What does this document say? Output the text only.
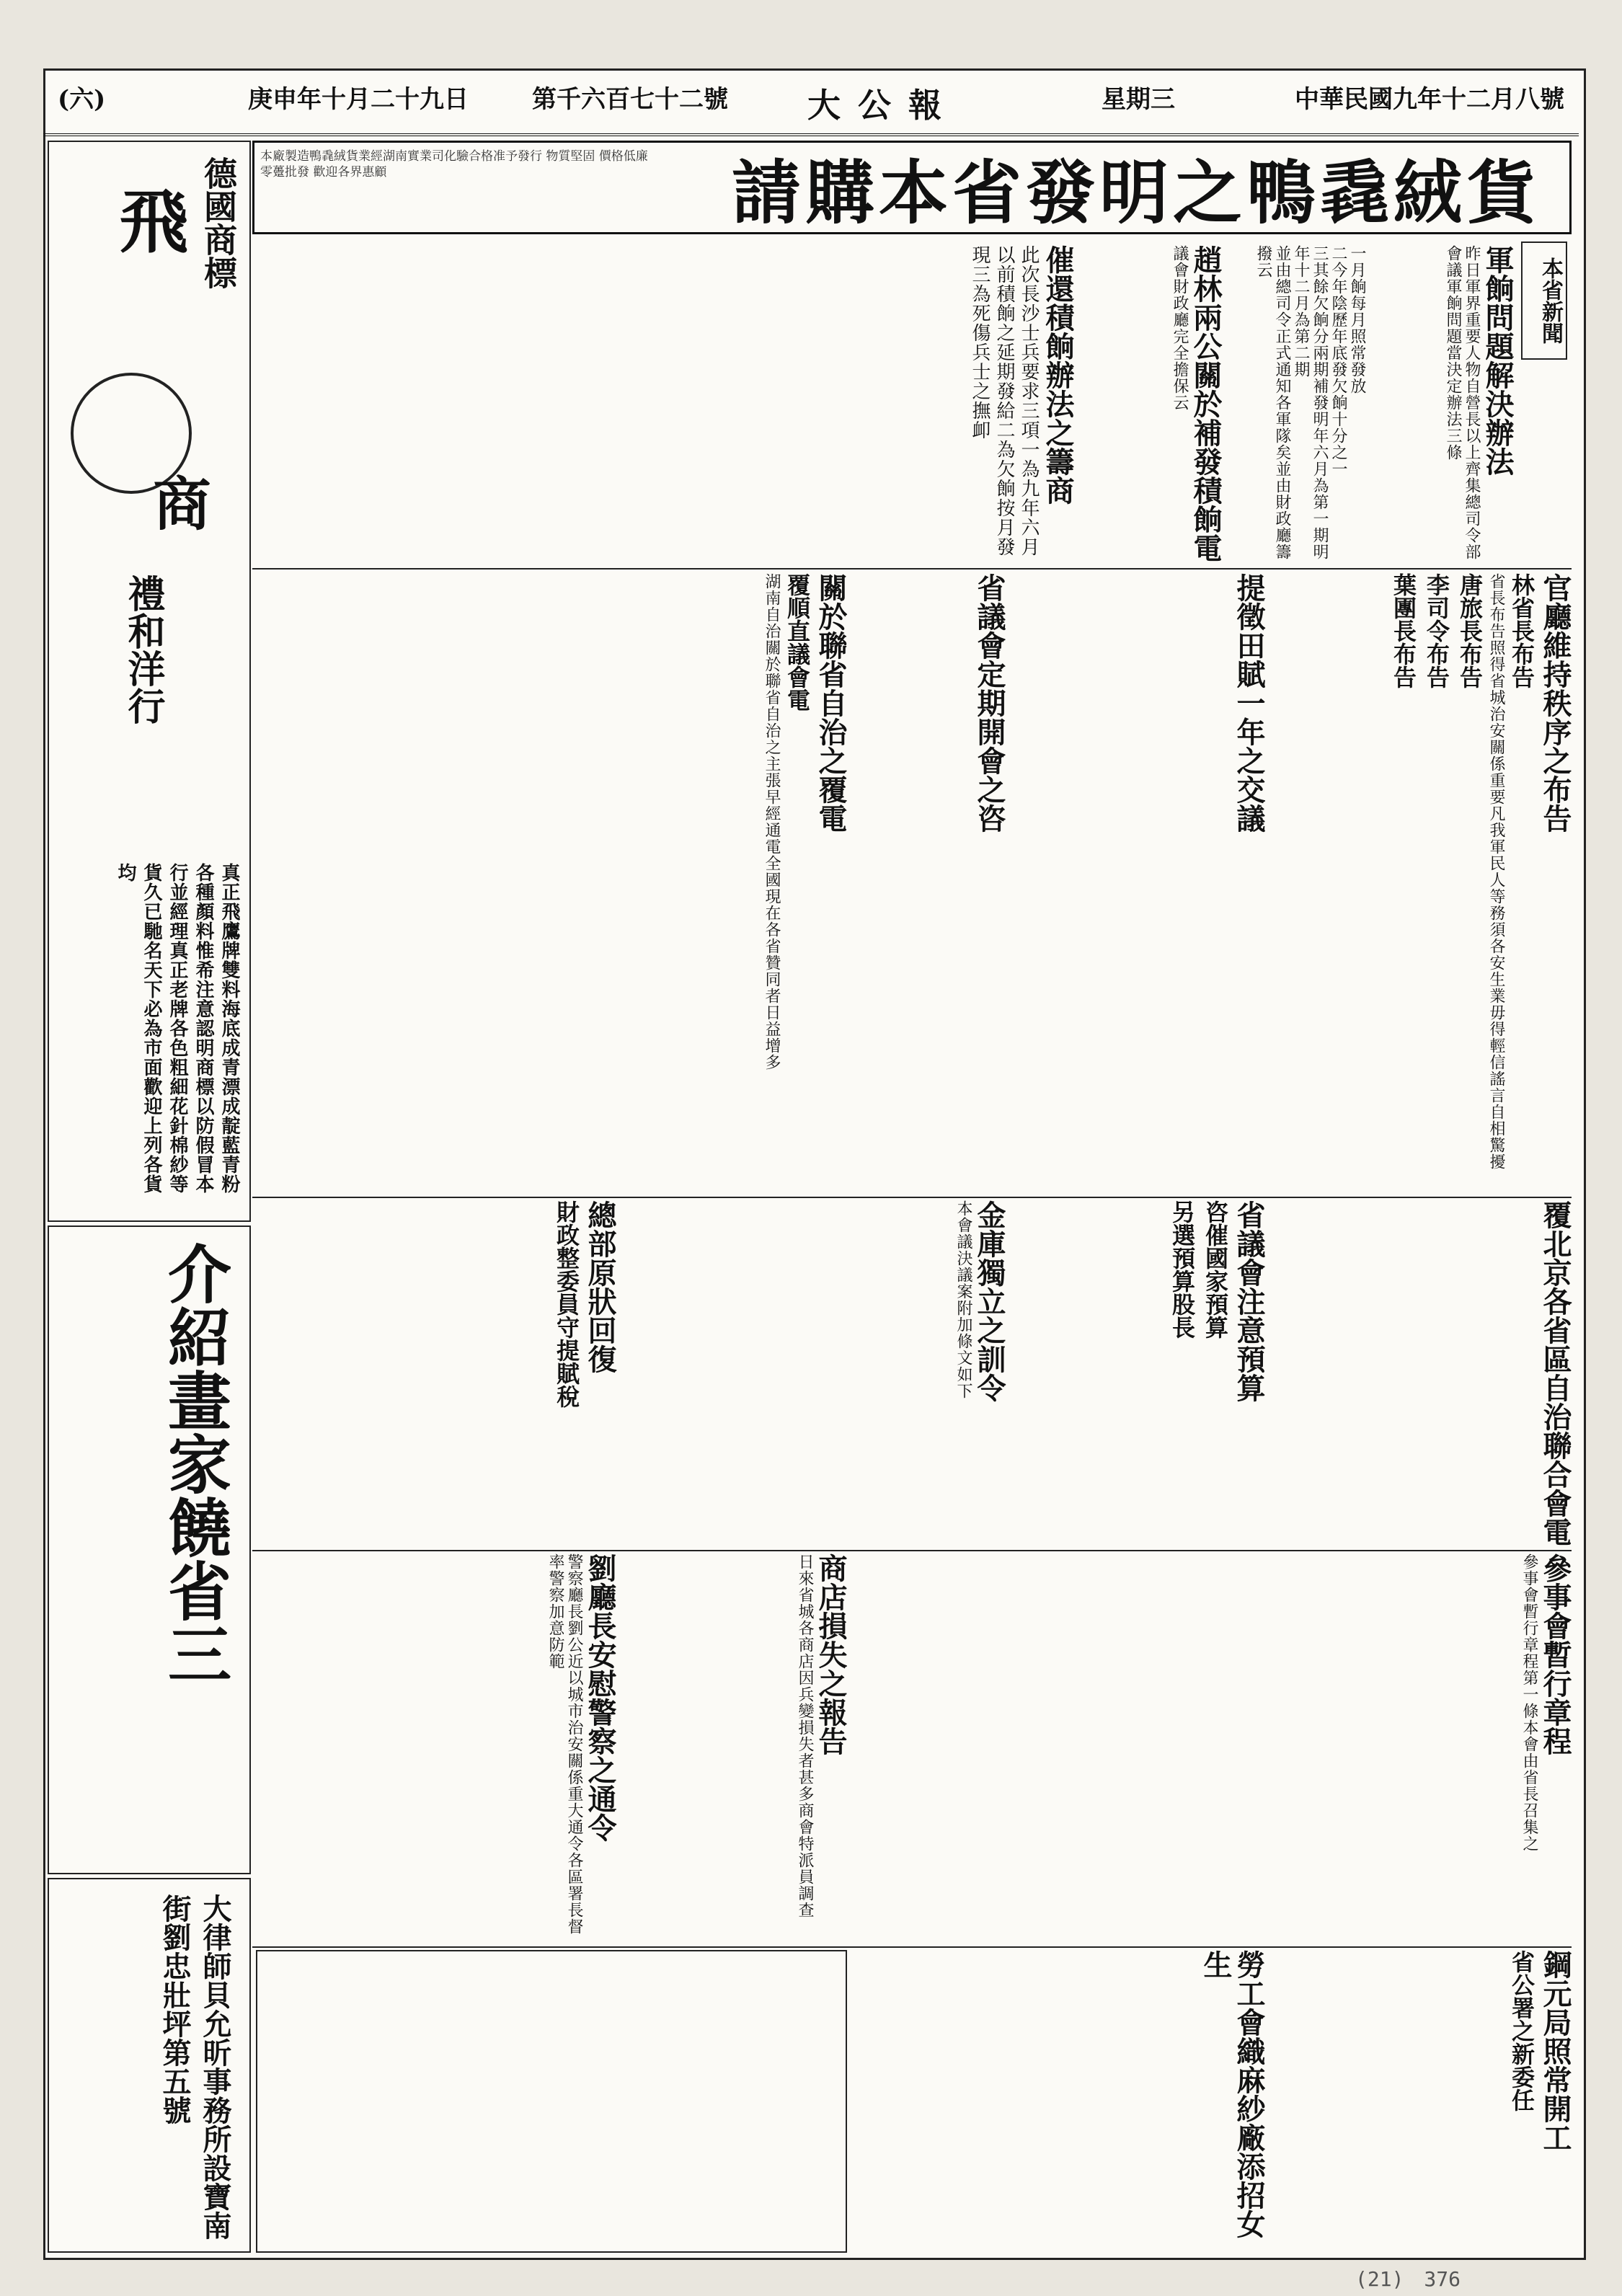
中華民國九年十二月八號
星期三
大公報
第千六百七十二號
庚申年十月二十九日
(六)
本廠製造鴨毳絨貨業經湖南實業司化驗合格准予發行 物質堅固 價格低廉 零躉批發 歡迎各界惠顧	請購本省發明之鴨毳絨貨
德國商標
飛
商
禮和洋行
真正飛鷹牌雙料海底成青漂成靛藍青粉各種顏料惟希注意認明商標以防假冒本行並經理真正老牌各色粗細花針棉紗等貨久已馳名天下必為市面歡迎上列各貨均
介紹畫家饒省三
大律師貝允昕事務所設寶南街劉忠壯坪第五號
本省新聞
軍餉問題解決辦法
昨日軍界重要人物自營長以上齊集總司令部會議軍餉問題當決定辦法三條
一月餉每月照常發放
二今年陰歷年底發欠餉十分之一
三其餘欠餉分兩期補發明年六月為第一期明年十二月為第二期
並由總司令正式通知各軍隊矣並由財政廳籌撥云
趙林兩公關於補發積餉電
議會財政廳完全擔保云
催還積餉辦法之籌商
此次長沙士兵要求三項一為九年六月以前積餉之延期發給二為欠餉按月發現三為死傷兵士之撫卹
官廳維持秩序之布告
林省長布告
省長布告照得省城治安關係重要凡我軍民人等務須各安生業毋得輕信謠言自相驚擾
唐旅長布告
李司令布告
葉團長布告
提徵田賦一年之交議
省議會定期開會之咨
關於聯省自治之覆電
覆順直議會電
湖南自治關於聯省自治之主張早經通電全國現在各省贊同者日益增多
覆北京各省區自治聯合會電
省議會注意預算
咨催國家預算
另選預算股長
金庫獨立之訓令
本會議決議案附加條文如下
參事會暫行章程
參事會暫行章程第一條本會由省長召集之
商店損失之報告
日來省城各商店因兵變損失者甚多商會特派員調查
劉廳長安慰警察之通令
警察廳長劉公近以城市治安關係重大通令各區署長督率警察加意防範
總部原狀回復
財政整委員守提賦稅
鋼元局照常開工
省公署之新委任
勞工會織麻紗廠添招女生
(21)　376
